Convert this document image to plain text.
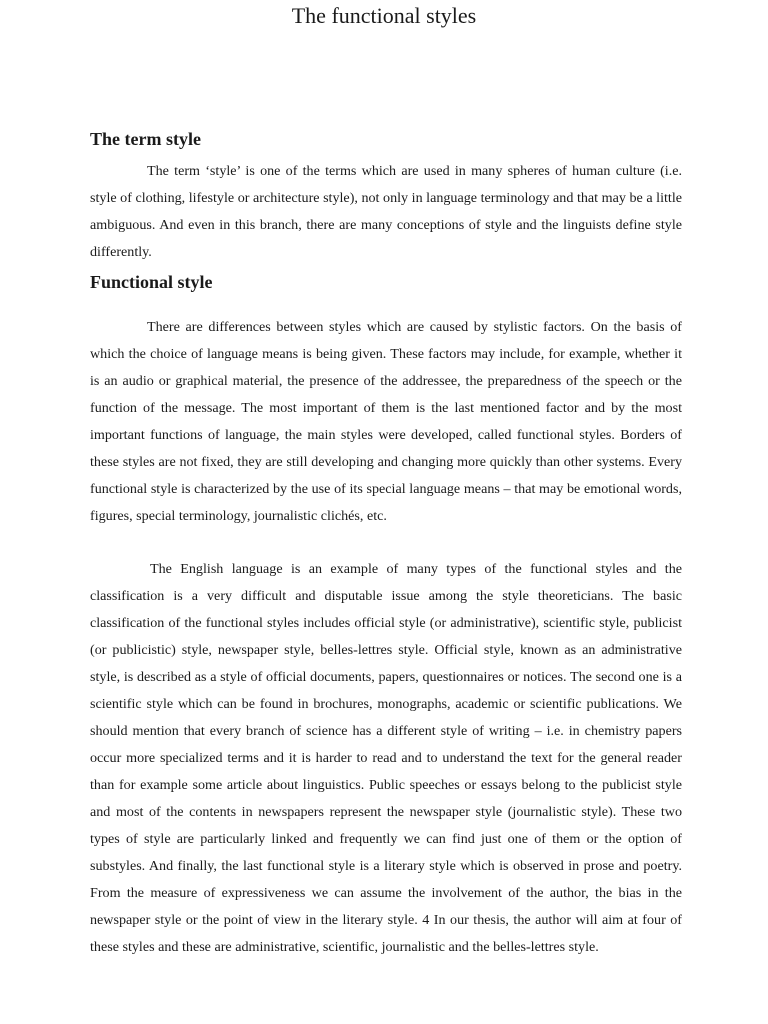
The functional styles
The term style

The term ‘style’ is one of the terms which are used in many spheres of human culture (i.e. style of clothing, lifestyle or architecture style), not only in language terminology and that may be a little ambiguous. And even in this branch, there are many conceptions of style and the linguists define style differently.

Functional style

There are differences between styles which are caused by stylistic factors. On the basis of which the choice of language means is being given. These factors may include, for example, whether it is an audio or graphical material, the presence of the addressee, the preparedness of the speech or the function of the message. The most important of them is the last mentioned factor and by the most important functions of language, the main styles were developed, called functional styles. Borders of these styles are not fixed, they are still developing and changing more quickly than other systems. Every functional style is characterized by the use of its special language means – that may be emotional words, figures, special terminology, journalistic clichés, etc.

The English language is an example of many types of the functional styles and the classification is a very difficult and disputable issue among the style theoreticians. The basic classification of the functional styles includes official style (or administrative), scientific style, publicist (or publicistic) style, newspaper style, belles-lettres style. Official style, known as an administrative style, is described as a style of official documents, papers, questionnaires or notices. The second one is a scientific style which can be found in brochures, monographs, academic or scientific publications. We should mention that every branch of science has a different style of writing – i.e. in chemistry papers occur more specialized terms and it is harder to read and to understand the text for the general reader than for example some article about linguistics. Public speeches or essays belong to the publicist style and most of the contents in newspapers represent the newspaper style (journalistic style). These two types of style are particularly linked and frequently we can find just one of them or the option of substyles. And finally, the last functional style is a literary style which is observed in prose and poetry. From the measure of expressiveness we can assume the involvement of the author, the bias in the newspaper style or the point of view in the literary style. 4 In our thesis, the author will aim at four of these styles and these are administrative, scientific, journalistic and the belles-lettres style.
